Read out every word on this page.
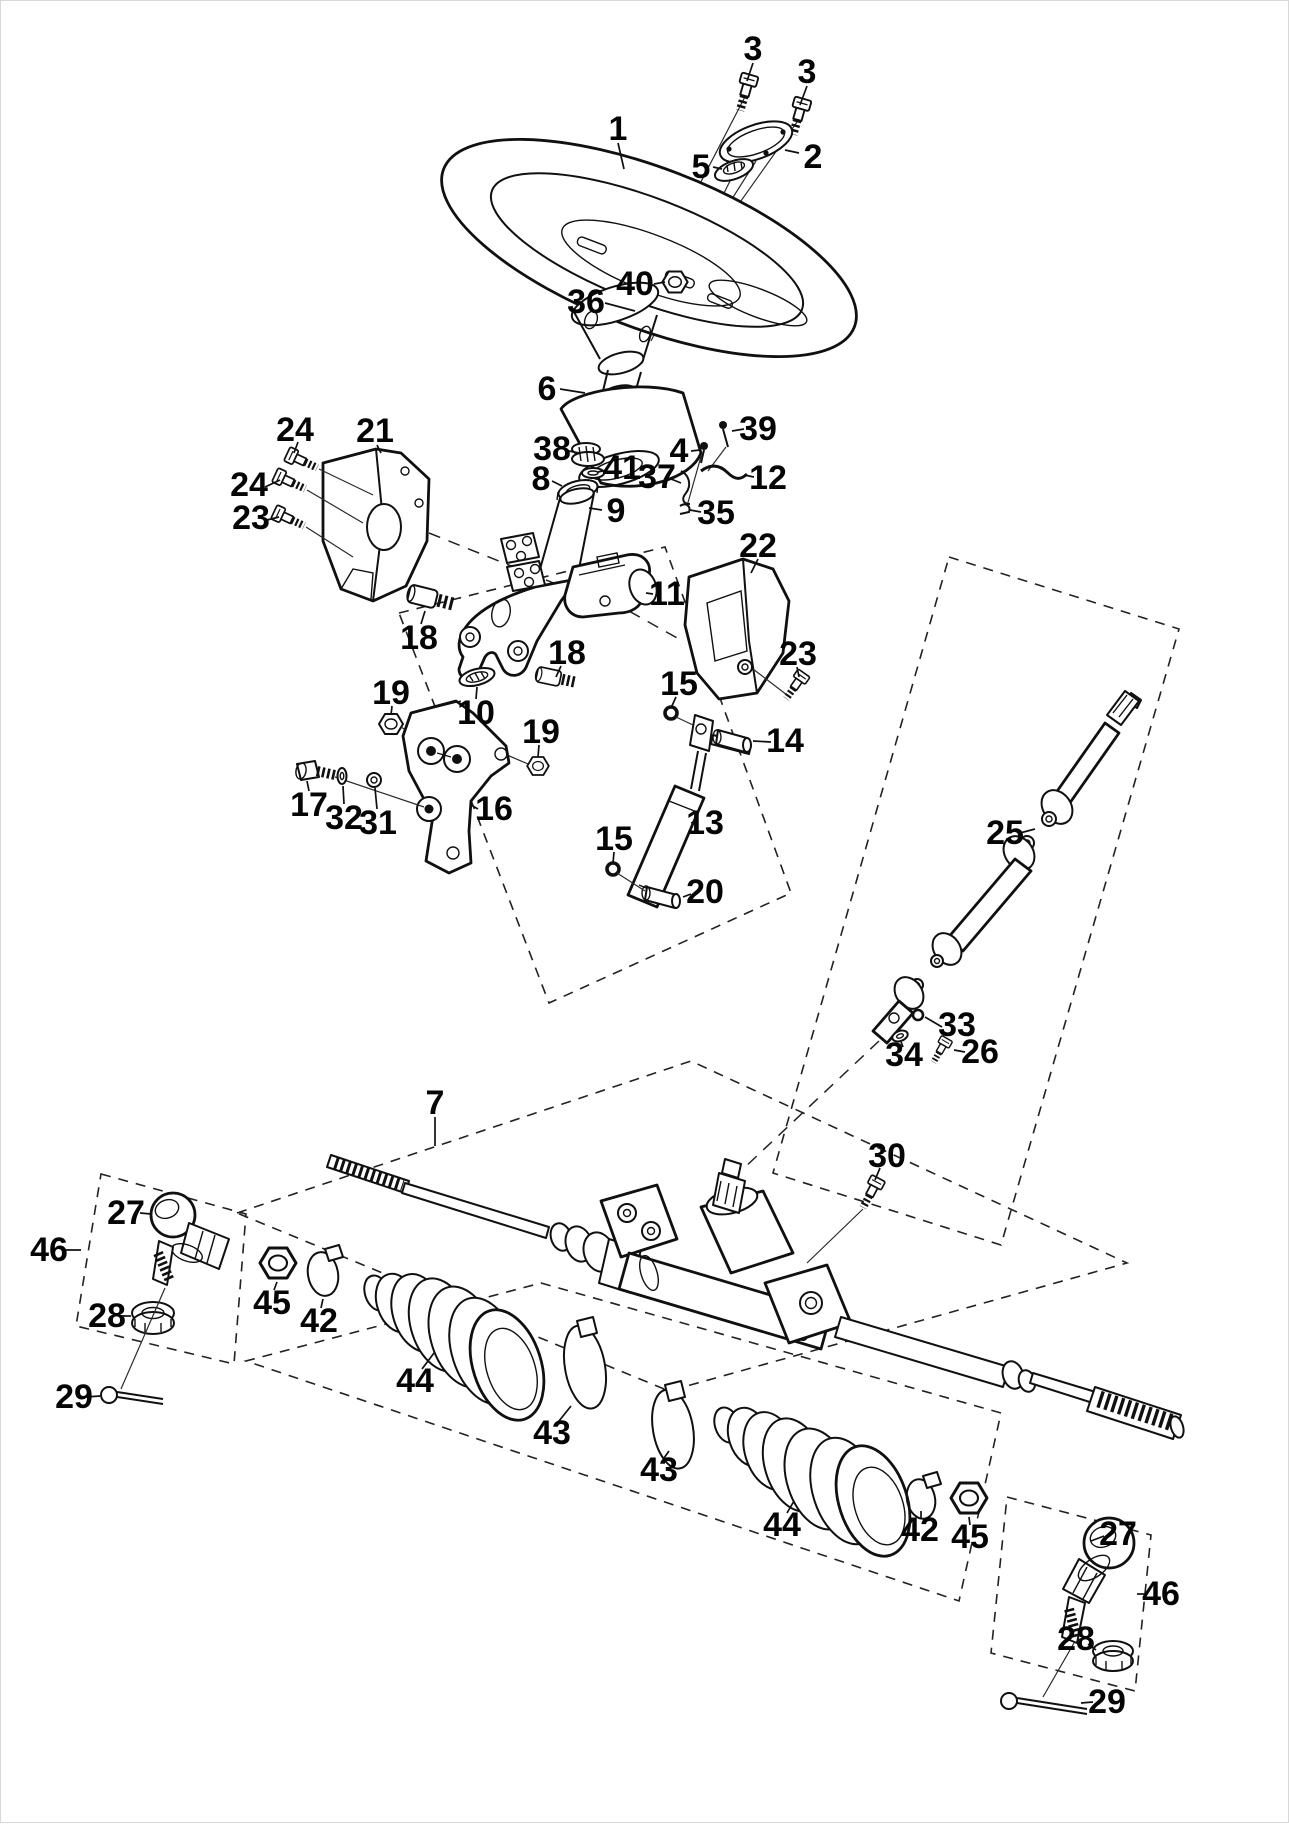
3
3
1
2
5
40
36
6
38 41
8
9
37
4
39
12
35
24 21
24
23
18
19
10
18
19
16
17
32
31
15
14
13
15
20
23
22
11
25
33
34 26
7
30
27
46
28
29
45 42
44
43
43
44	42 45	27
46
28
29
